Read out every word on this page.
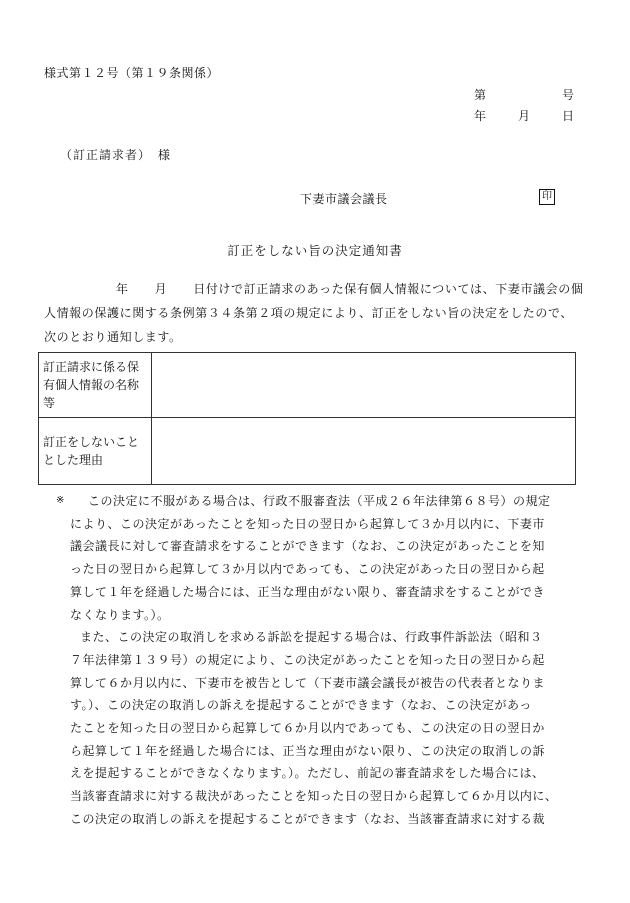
様式第１２号（第１９条関係）
第	号
年	月	日
（訂正請求者）　様
下妻市議会議長	印
訂正をしない旨の決定通知書
年 月 日付けで訂正請求のあった保有個人情報については、下妻市議会の個人情報の保護に関する条例第３４条第２項の規定により、訂正をしない旨の決定をしたので、次のとおり通知します。
訂正請求に係る保有個人情報の名称等	
訂正をしないこととした理由	
※ この決定に不服がある場合は、行政不服審査法（平成２６年法律第６８号）の規定
により、この決定があったことを知った日の翌日から起算して３か月以内に、下妻市
議会議長に対して審査請求をすることができます（なお、この決定があったことを知
った日の翌日から起算して３か月以内であっても、この決定があった日の翌日から起
算して１年を経過した場合には、正当な理由がない限り、審査請求をすることができ
なくなります。）。
また、この決定の取消しを求める訴訟を提起する場合は、行政事件訴訟法（昭和３
７年法律第１３９号）の規定により、この決定があったことを知った日の翌日から起
算して６か月以内に、下妻市を被告として（下妻市議会議長が被告の代表者となりま
す。）、この決定の取消しの訴えを提起することができます（なお、この決定があっ
たことを知った日の翌日から起算して６か月以内であっても、この決定の日の翌日か
ら起算して１年を経過した場合には、正当な理由がない限り、この決定の取消しの訴
えを提起することができなくなります。）。ただし、前記の審査請求をした場合には、
当該審査請求に対する裁決があったことを知った日の翌日から起算して６か月以内に、
この決定の取消しの訴えを提起することができます（なお、当該審査請求に対する裁
